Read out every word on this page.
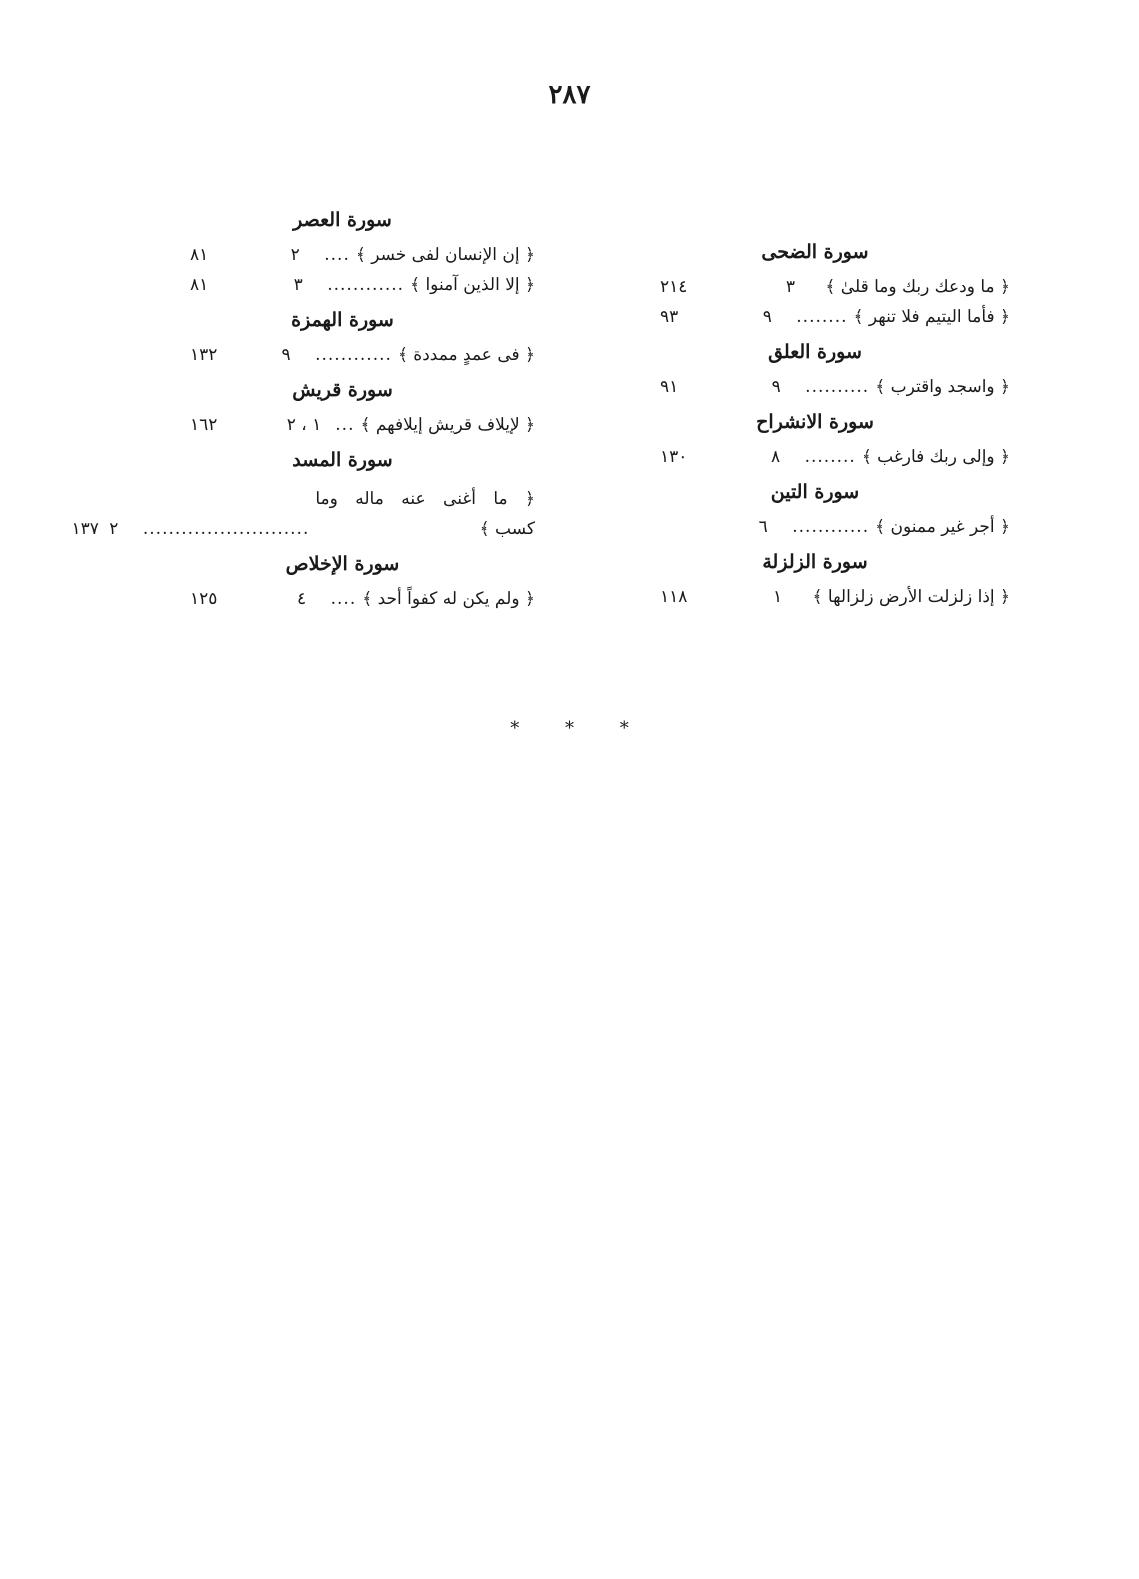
٢٨٧
سورة الضحى
﴿ ما ودعك ربك وما قلىٰ ﴾
٣
٢١٤
﴿ فأما اليتيم فلا تنهر ﴾
........
٩
٩٣
سورة العلق
﴿ واسجد واقترب ﴾
..........
٩
٩١
سورة الانشراح
﴿ وإلى ربك فارغب ﴾
........
٨
١٣٠
سورة التين
﴿ أجر غير ممنون ﴾
............
٦
سورة الزلزلة
﴿ إذا زلزلت الأرض زلزالها ﴾
١
١١٨
سورة العصر
﴿ إن الإنسان لفى خسر ﴾
....
٢
٨١
﴿ إلا الذين آمنوا ﴾
............
٣
٨١
سورة الهمزة
﴿ فى عمدٍ ممددة ﴾
............
٩
١٣٢
سورة قريش
﴿ لإيلاف قريش إيلافهم ﴾
...
١ ، ٢
١٦٢
سورة المسد
﴿ ما أغنى عنه ماله وما
كسب ﴾
..........................
٢
١٣٧
سورة الإخلاص
﴿ ولم يكن له كفواً أحد ﴾
....
٤
١٢٥
*	*	*
